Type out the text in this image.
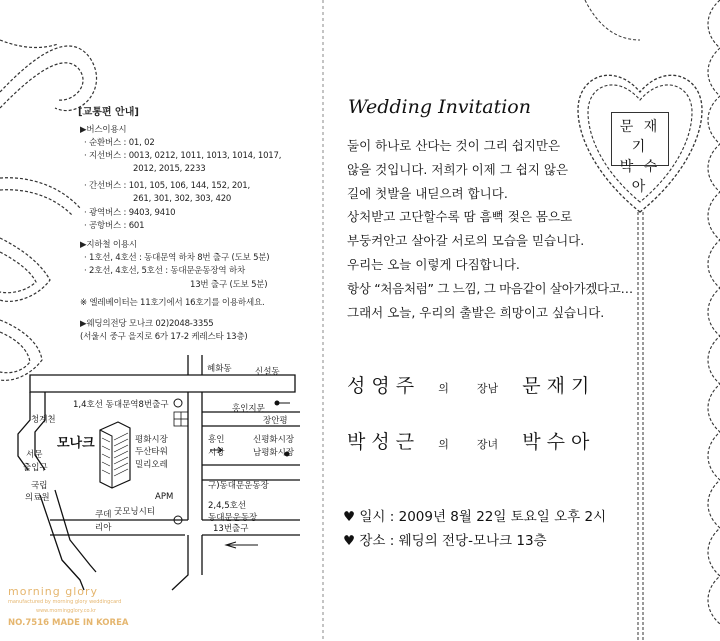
[교통편 안내]
▶버스이용시
· 순환버스 : 01, 02
· 지선버스 : 0013, 0212, 1011, 1013, 1014, 1017,
2012, 2015, 2233
· 간선버스 : 101, 105, 106, 144, 152, 201,
261, 301, 302, 303, 420
· 광역버스 : 9403, 9410
· 공항버스 : 601
▶지하철 이용시
· 1호선, 4호선 : 동대문역 하차 8번 출구 (도보 5분)
· 2호선, 4호선, 5호선 : 동대문운동장역 하차
13번 출구 (도보 5분)
※ 엘레베이터는 11호기에서 16호기를 이용하세요.
▶웨딩의전당 모나크 02)2048-3355
(서울시 중구 을지로 6가 17-2 케레스타 13층)
혜화동	신설동
1,4호선 동대문역8번출구	홍인지문
청계천	장안평
모나크	평화시장
두산타워
밀리오레
흥인
시장
신평화시장
남평화시장
서문
출입구
구)동대문운동장
국립
의료원	APM
굿모닝시티
2,4,5호선
동대문운동장
13번출구
쿠데
리아
morning glory
manufactured by morning glory weddingcard
www.morningglory.co.kr
NO.7516 MADE IN KOREA
Wedding Invitation
문 재 기
박 수 아
둘이 하나로 산다는 것이 그리 쉽지만은
않을 것입니다. 저희가 이제 그 쉽지 않은
길에 첫발을 내딛으려 합니다.
상처받고 고단할수록 땀 흠뻑 젖은 몸으로
부둥켜안고 살아갈 서로의 모습을 믿습니다.
우리는 오늘 이렇게 다짐합니다.
항상 “처음처럼” 그 느낌, 그 마음같이 살아가겠다고…
그래서 오늘, 우리의 출발은 희망이고 싶습니다.
성 영 주 의	장남 문 재 기
박 성 근 의	장녀 박 수 아
♥ 일시 : 2009년 8월 22일 토요일 오후 2시
♥ 장소 : 웨딩의 전당-모나크 13층
